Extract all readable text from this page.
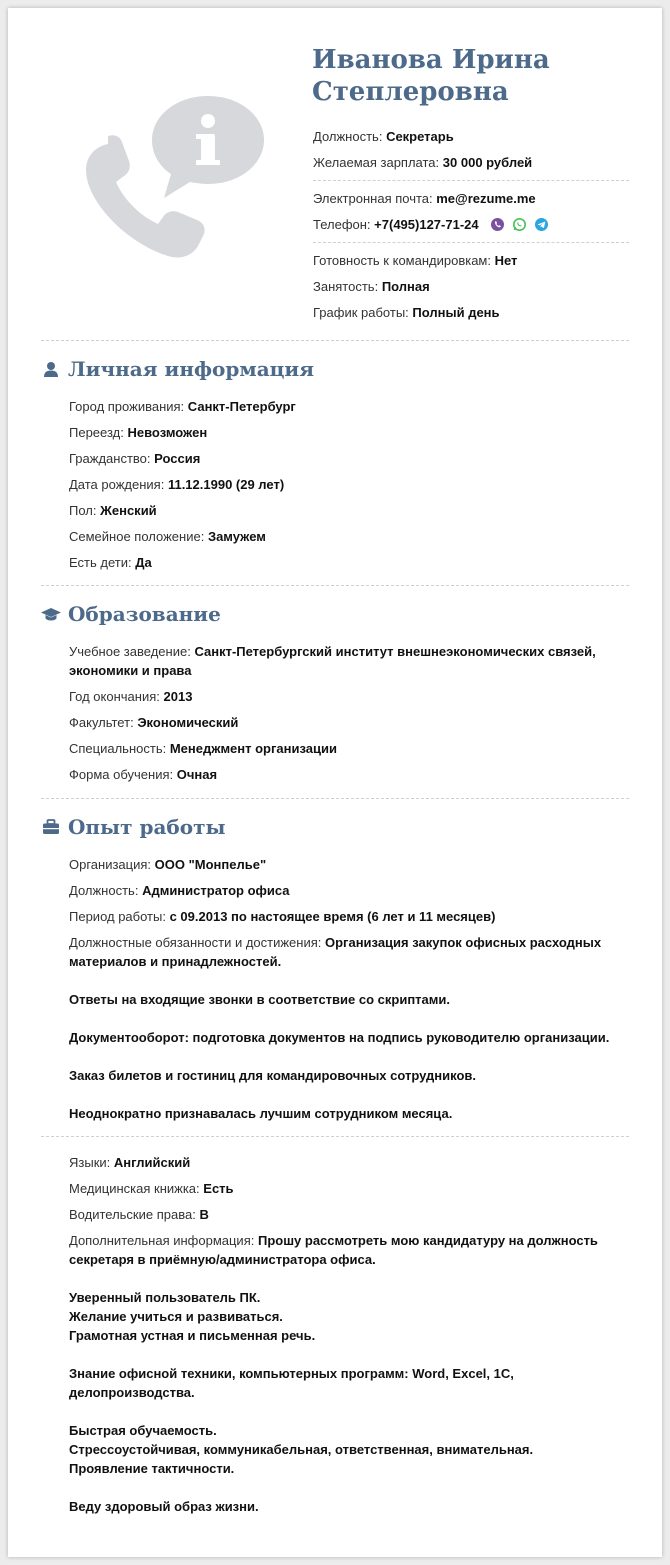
Иванова Ирина
Степлеровна
Должность: Секретарь
Желаемая зарплата: 30 000 рублей
Электронная почта: me@rezume.me
Телефон: +7(495)127-71-24
Готовность к командировкам: Нет
Занятость: Полная
График работы: Полный день
Личная информация
Город проживания: Санкт-Петербург
Переезд: Невозможен
Гражданство: Россия
Дата рождения: 11.12.1990 (29 лет)
Пол: Женский
Семейное положение: Замужем
Есть дети: Да
Образование
Учебное заведение: Санкт-Петербургский институт внешнеэкономических связей, экономики и права
Год окончания: 2013
Факультет: Экономический
Специальность: Менеджмент организации
Форма обучения: Очная
Опыт работы
Организация: ООО "Монпелье"
Должность: Администратор офиса
Период работы: с 09.2013 по настоящее время (6 лет и 11 месяцев)
Должностные обязанности и достижения: Организация закупок офисных расходных материалов и принадлежностей.
Ответы на входящие звонки в соответствие со скриптами.
Документооборот: подготовка документов на подпись руководителю организации.
Заказ билетов и гостиниц для командировочных сотрудников.
Неоднократно признавалась лучшим сотрудником месяца.
Языки: Английский
Медицинская книжка: Есть
Водительские права: B
Дополнительная информация: Прошу рассмотреть мою кандидатуру на должность секретаря в приёмную/администратора офиса.
Уверенный пользователь ПК.
Желание учиться и развиваться.
Грамотная устная и письменная речь.
Знание офисной техники, компьютерных программ: Word, Excel, 1C, делопроизводства.
Быстрая обучаемость.
Стрессоустойчивая, коммуникабельная, ответственная, внимательная.
Проявление тактичности.
Веду здоровый образ жизни.
